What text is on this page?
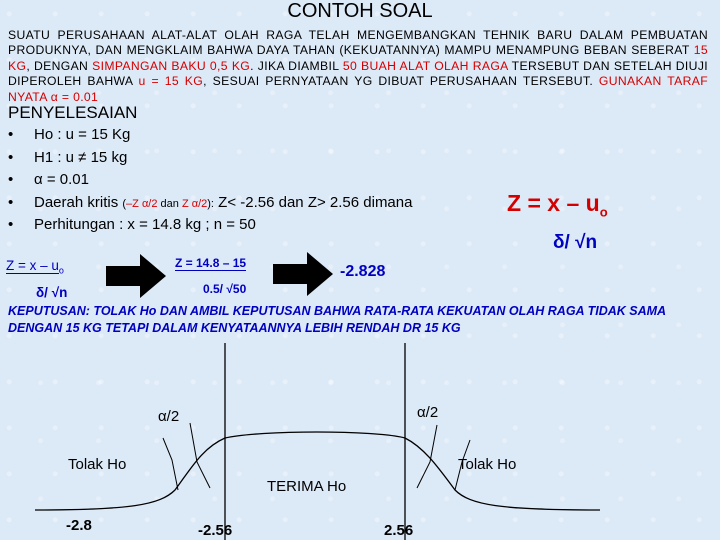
CONTOH SOAL
SUATU PERUSAHAAN ALAT-ALAT OLAH RAGA TELAH MENGEMBANGKAN TEHNIK BARU DALAM PEMBUATAN PRODUKNYA, DAN MENGKLAIM BAHWA DAYA TAHAN (KEKUATANNYA) MAMPU MENAMPUNG BEBAN SEBERAT 15 KG, DENGAN SIMPANGAN BAKU 0,5 KG. JIKA DIAMBIL 50 BUAH ALAT OLAH RAGA TERSEBUT DAN SETELAH DIUJI DIPEROLEH BAHWA u = 15 KG, SESUAI PERNYATAAN YG DIBUAT PERUSAHAAN TERSEBUT. GUNAKAN TARAF NYATA α = 0.01
PENYELESAIAN
• Ho : u = 15 Kg
• H1 : u ≠ 15 kg
• α = 0.01
• Daerah kritis (–Z α/2 dan Z α/2): Z< -2.56 dan Z> 2.56 dimana
• Perhitungan : x = 14.8 kg ; n = 50
$Z = x - u_o$
δ/ √n
$Z = x - u_o$
δ/ √n
Z = 14.8 – 15
0.5/ √50
-2.828
KEPUTUSAN: TOLAK Ho DAN AMBIL KEPUTUSAN BAHWA RATA-RATA KEKUATAN OLAH RAGA TIDAK SAMA DENGAN 15 KG TETAPI DALAM KENYATAANNYA LEBIH RENDAH DR 15 KG
α/2	α/2
Tolak Ho	Tolak Ho
TERIMA Ho
-2.8	-2.56	2.56
